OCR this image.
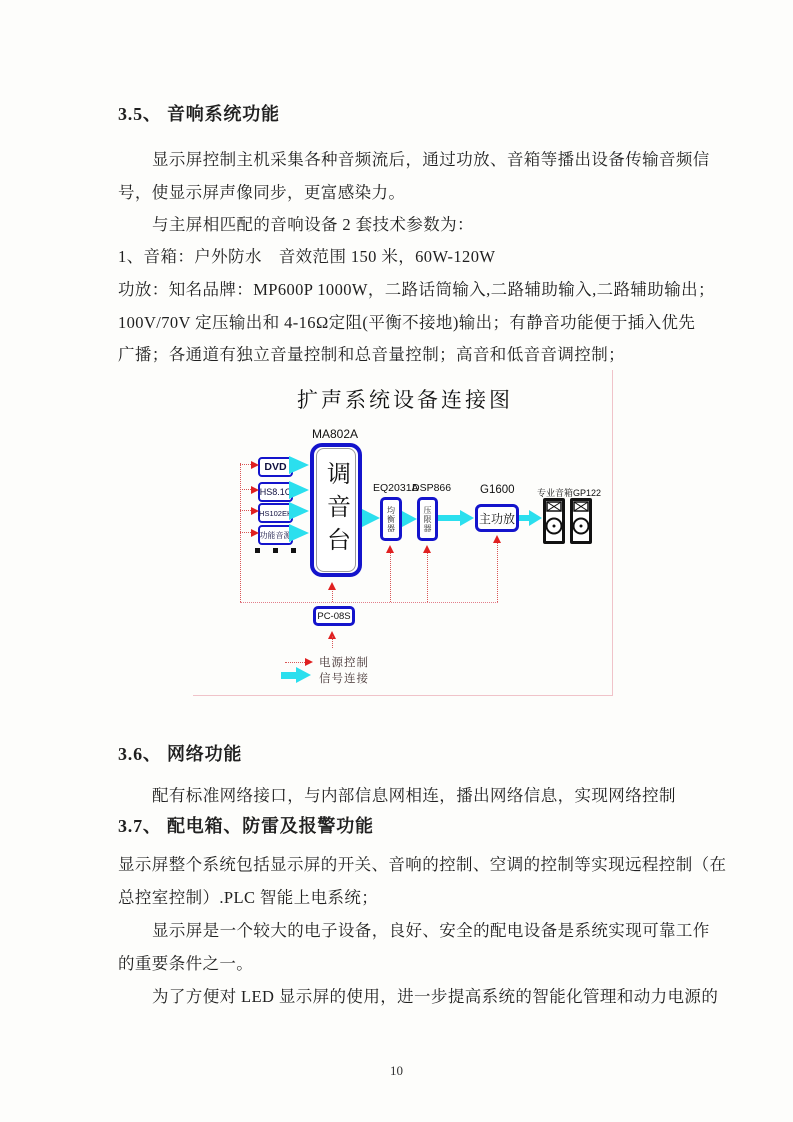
3.5、 音响系统功能
显示屏控制主机采集各种音频流后，通过功放、音箱等播出设备传输音频信
号，使显示屏声像同步，更富感染力。
与主屏相匹配的音响设备 2 套技术参数为：
1、音箱：户外防水　音效范围 150 米，60W-120W
功放：知名品牌：MP600P 1000W，二路话筒输入,二路辅助输入,二路辅助输出；
100V/70V 定压输出和 4-16Ω定阻(平衡不接地)输出；有静音功能便于插入优先
广播；各通道有独立音量控制和总音量控制；高音和低音音调控制；
扩声系统设备连接图
MA802A
调音台
DVD
HS8.1C
HS102EK
功能音源
EQ2031A
均衡器
DSP866
压限器
G1600
主功放
专业音箱GP122
PC-08S
电源控制
信号连接
3.6、 网络功能
配有标准网络接口，与内部信息网相连，播出网络信息，实现网络控制
3.7、 配电箱、防雷及报警功能
显示屏整个系统包括显示屏的开关、音响的控制、空调的控制等实现远程控制（在
总控室控制）.PLC 智能上电系统；
显示屏是一个较大的电子设备，良好、安全的配电设备是系统实现可靠工作
的重要条件之一。
为了方便对 LED 显示屏的使用，进一步提高系统的智能化管理和动力电源的
10
